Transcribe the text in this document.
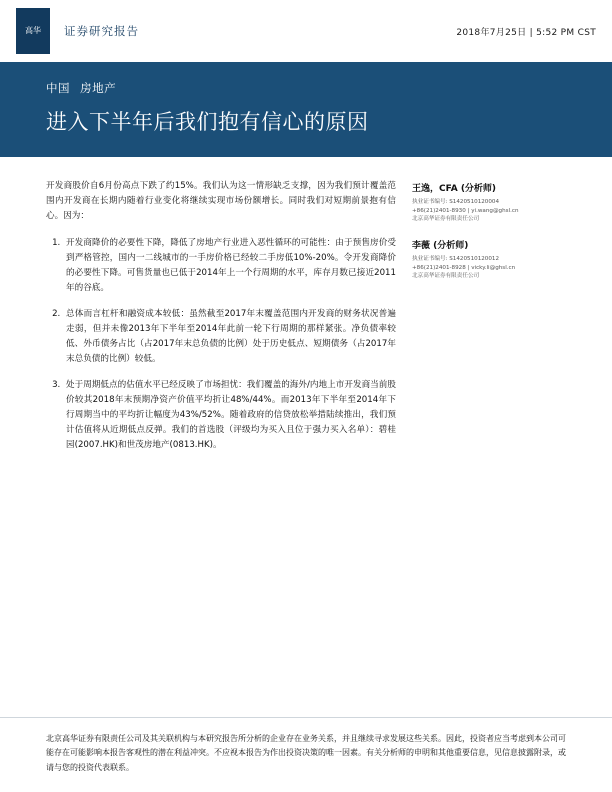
高华	证券研究报告	2018年7月25日 | 5:52 PM CST
中国 房地产
进入下半年后我们抱有信心的原因

开发商股价自6月份高点下跌了约15%。我们认为这一情形缺乏支撑，因为我们预计覆盖范围内开发商在长期内随着行业变化将继续实现市场份额增长。同时我们对短期前景抱有信心。因为：

1. 开发商降价的必要性下降，降低了房地产行业进入恶性循环的可能性：由于预售房价受到严格管控，国内一二线城市的一手房价格已经较二手房低10%-20%。令开发商降价的必要性下降。可售货量也已低于2014年上一个行周期的水平，库存月数已接近2011年的谷底。
2. 总体而言杠杆和融资成本较低：虽然截至2017年末覆盖范围内开发商的财务状况普遍走弱，但并未像2013年下半年至2014年此前一轮下行周期的那样紧张。净负债率较低、外币债务占比（占2017年末总负债的比例）处于历史低点、短期债务（占2017年末总负债的比例）较低。
3. 处于周期低点的估值水平已经反映了市场担忧：我们覆盖的海外/内地上市开发商当前股价较其2018年末预期净资产价值平均折让48%/44%。而2013年下半年至2014年下行周期当中的平均折让幅度为43%/52%。随着政府的信贷放松举措陆续推出，我们预计估值将从近期低点反弹。我们的首选股（评级均为买入且位于强力买入名单）：碧桂园(2007.HK)和世茂房地产(0813.HK)。
王逸，CFA (分析师)
执业证书编号: S1420510120004
+86(21)2401-8930 | yi.wang@ghsl.cn
北京高华证券有限责任公司
李薇 (分析师)
执业证书编号: S1420510120012
+86(21)2401-8928 | vicky.li@ghsl.cn
北京高华证券有限责任公司

北京高华证券有限责任公司及其关联机构与本研究报告所分析的企业存在业务关系，并且继续寻求发展这些关系。因此，投资者应当考虑到本公司可能存在可能影响本报告客观性的潜在利益冲突。不应视本报告为作出投资决策的唯一因素。有关分析师的申明和其他重要信息，见信息披露附录，或请与您的投资代表联系。
